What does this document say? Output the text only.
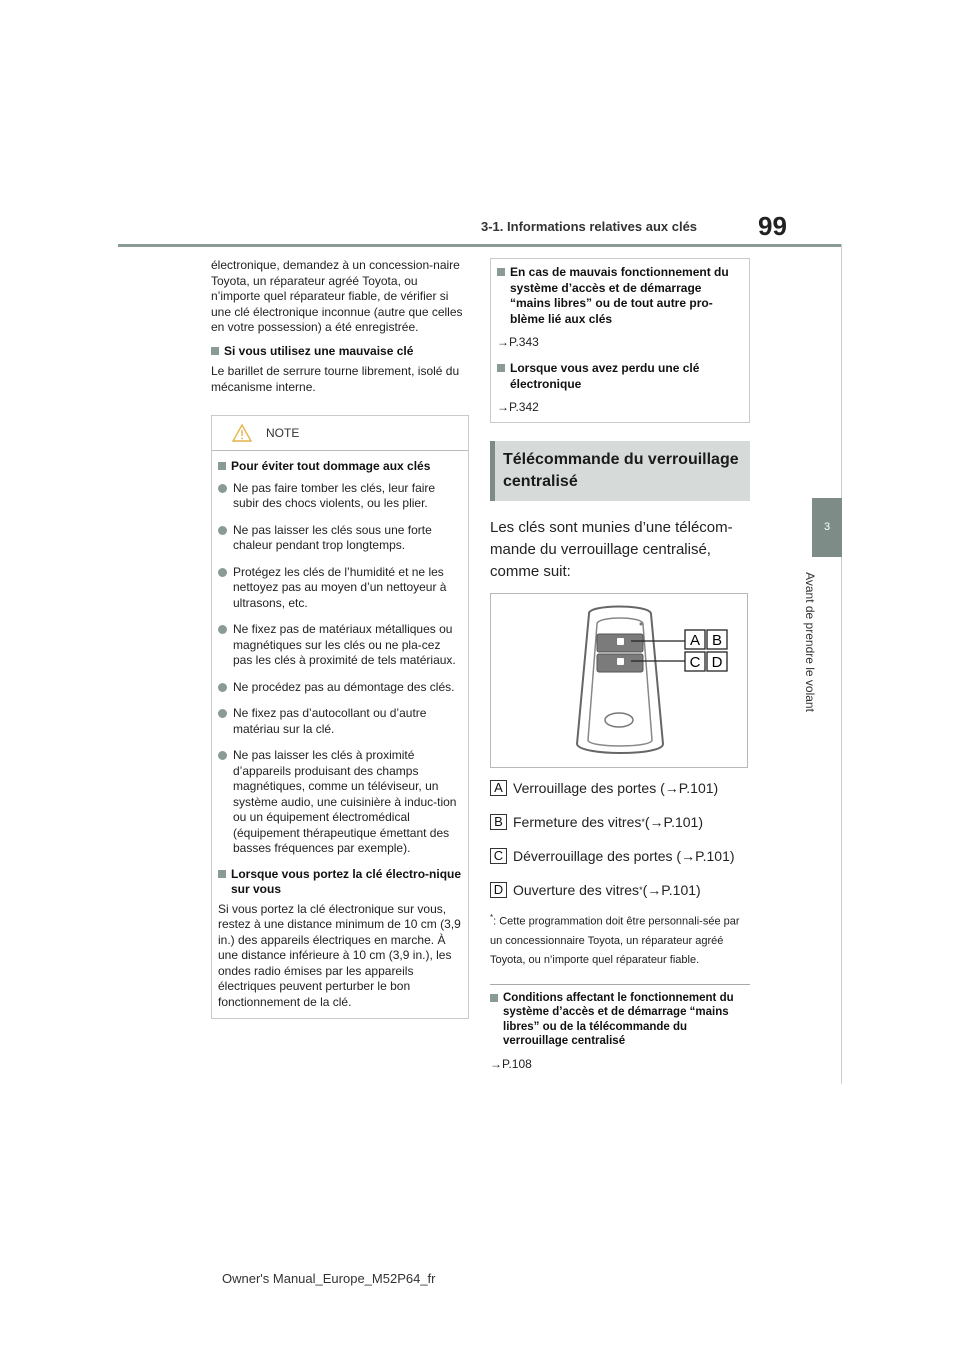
3-1. Informations relatives aux clés 99
3
Avant de prendre le volant

électronique, demandez à un concession-naire Toyota, un réparateur agréé Toyota, ou n’importe quel réparateur fiable, de vérifier si une clé électronique inconnue (autre que celles en votre possession) a été enregistrée.

Si vous utilisez une mauvaise clé

Le barillet de serrure tourne librement, isolé du mécanisme interne.

NOTE
Pour éviter tout dommage aux clés
Ne pas faire tomber les clés, leur faire subir des chocs violents, ou les plier.
Ne pas laisser les clés sous une forte chaleur pendant trop longtemps.
Protégez les clés de l’humidité et ne les nettoyez pas au moyen d’un nettoyeur à ultrasons, etc.
Ne fixez pas de matériaux métalliques ou magnétiques sur les clés ou ne pla-cez pas les clés à proximité de tels matériaux.
Ne procédez pas au démontage des clés.
Ne fixez pas d’autocollant ou d’autre matériau sur la clé.
Ne pas laisser les clés à proximité d’appareils produisant des champs magnétiques, comme un téléviseur, un système audio, une cuisinière à induc-tion ou un équipement électromédical (équipement thérapeutique émettant des basses fréquences par exemple).
Lorsque vous portez la clé électro-nique sur vous

Si vous portez la clé électronique sur vous, restez à une distance minimum de 10 cm (3,9 in.) des appareils électriques en marche. À une distance inférieure à 10 cm (3,9 in.), les ondes radio émises par les appareils électriques peuvent perturber le bon fonctionnement de la clé.

En cas de mauvais fonctionnement du système d’accès et de démarrage “mains libres” ou de tout autre pro-blème lié aux clés
→P.343
Lorsque vous avez perdu une clé électronique
→P.342
Télécommande du verrouillage centralisé

Les clés sont munies d’une télécom-mande du verrouillage centralisé, comme suit:

A B
C D
A Verrouillage des portes (→P.101)
B Fermeture des vitres * (→P.101)
C Déverrouillage des portes (→P.101)
D Ouverture des vitres * (→P.101)

*: Cette programmation doit être personnali-sée par un concessionnaire Toyota, un réparateur agréé Toyota, ou n’importe quel réparateur fiable.

Conditions affectant le fonctionnement du système d’accès et de démarrage “mains libres” ou de la télécommande du verrouillage centralisé
→P.108
Owner's Manual_Europe_M52P64_fr
